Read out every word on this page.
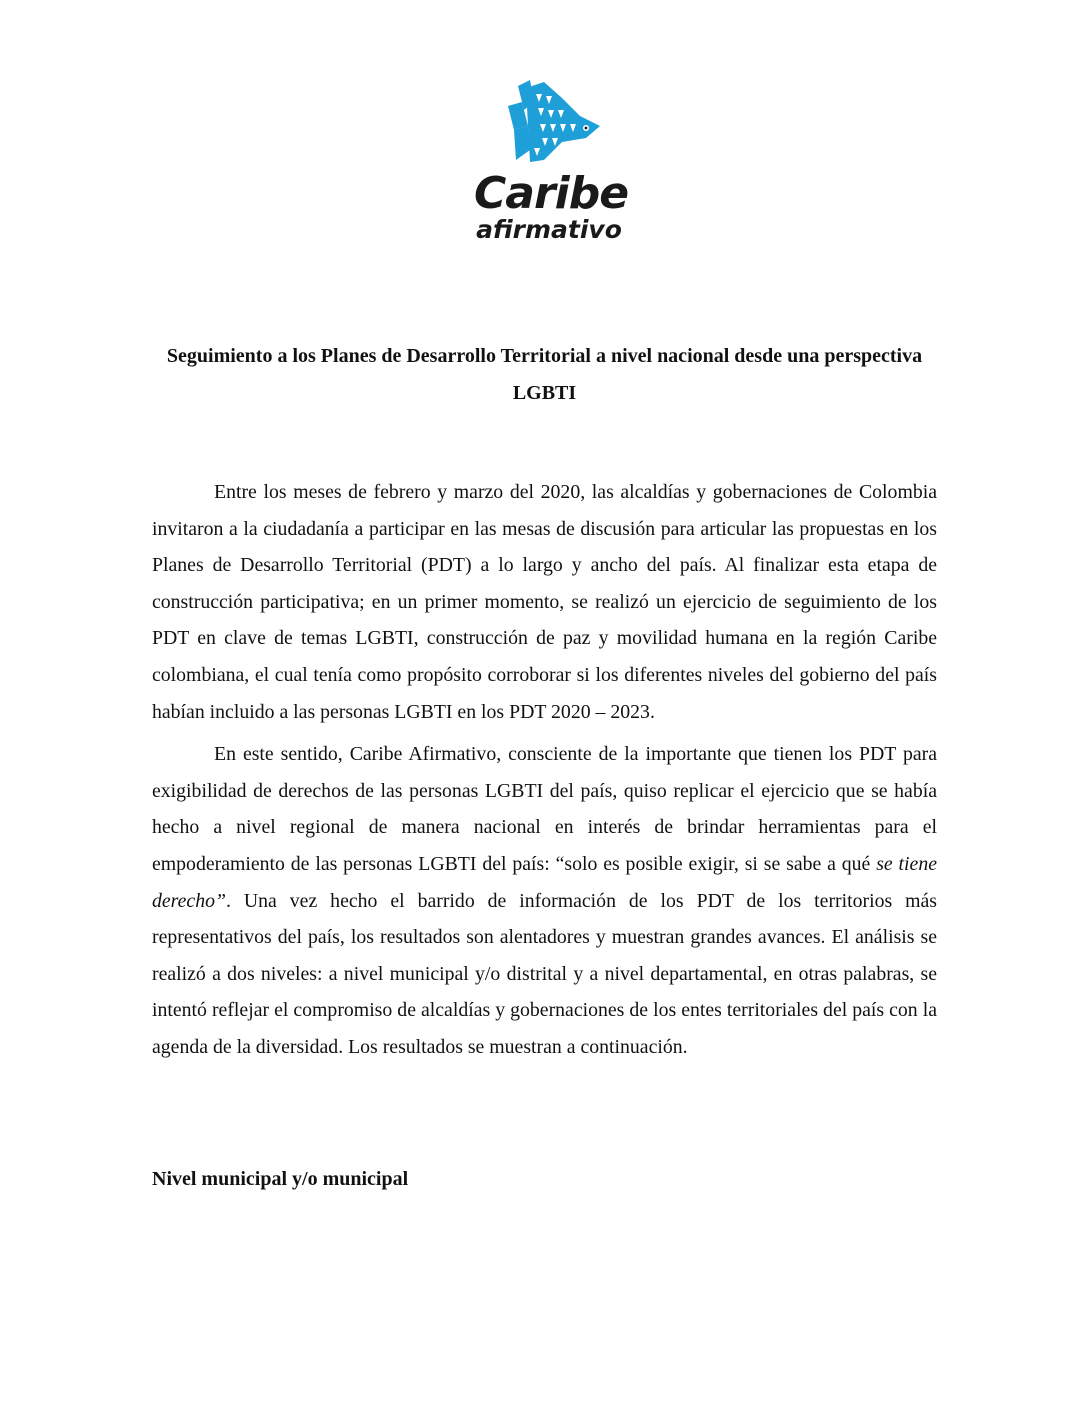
Caribe
afirmativo
Seguimiento a los Planes de Desarrollo Territorial a nivel nacional desde una perspectiva LGBTI

Entre los meses de febrero y marzo del 2020, las alcaldías y gobernaciones de Colombia invitaron a la ciudadanía a participar en las mesas de discusión para articular las propuestas en los Planes de Desarrollo Territorial (PDT) a lo largo y ancho del país. Al finalizar esta etapa de construcción participativa; en un primer momento, se realizó un ejercicio de seguimiento de los PDT en clave de temas LGBTI, construcción de paz y movilidad humana en la región Caribe colombiana, el cual tenía como propósito corroborar si los diferentes niveles del gobierno del país habían incluido a las personas LGBTI en los PDT 2020 – 2023.

En este sentido, Caribe Afirmativo, consciente de la importante que tienen los PDT para exigibilidad de derechos de las personas LGBTI del país, quiso replicar el ejercicio que se había hecho a nivel regional de manera nacional en interés de brindar herramientas para el empoderamiento de las personas LGBTI del país: “solo es posible exigir, si se sabe a qué se tiene derecho”. Una vez hecho el barrido de información de los PDT de los territorios más representativos del país, los resultados son alentadores y muestran grandes avances. El análisis se realizó a dos niveles: a nivel municipal y/o distrital y a nivel departamental, en otras palabras, se intentó reflejar el compromiso de alcaldías y gobernaciones de los entes territoriales del país con la agenda de la diversidad. Los resultados se muestran a continuación.

Nivel municipal y/o municipal
